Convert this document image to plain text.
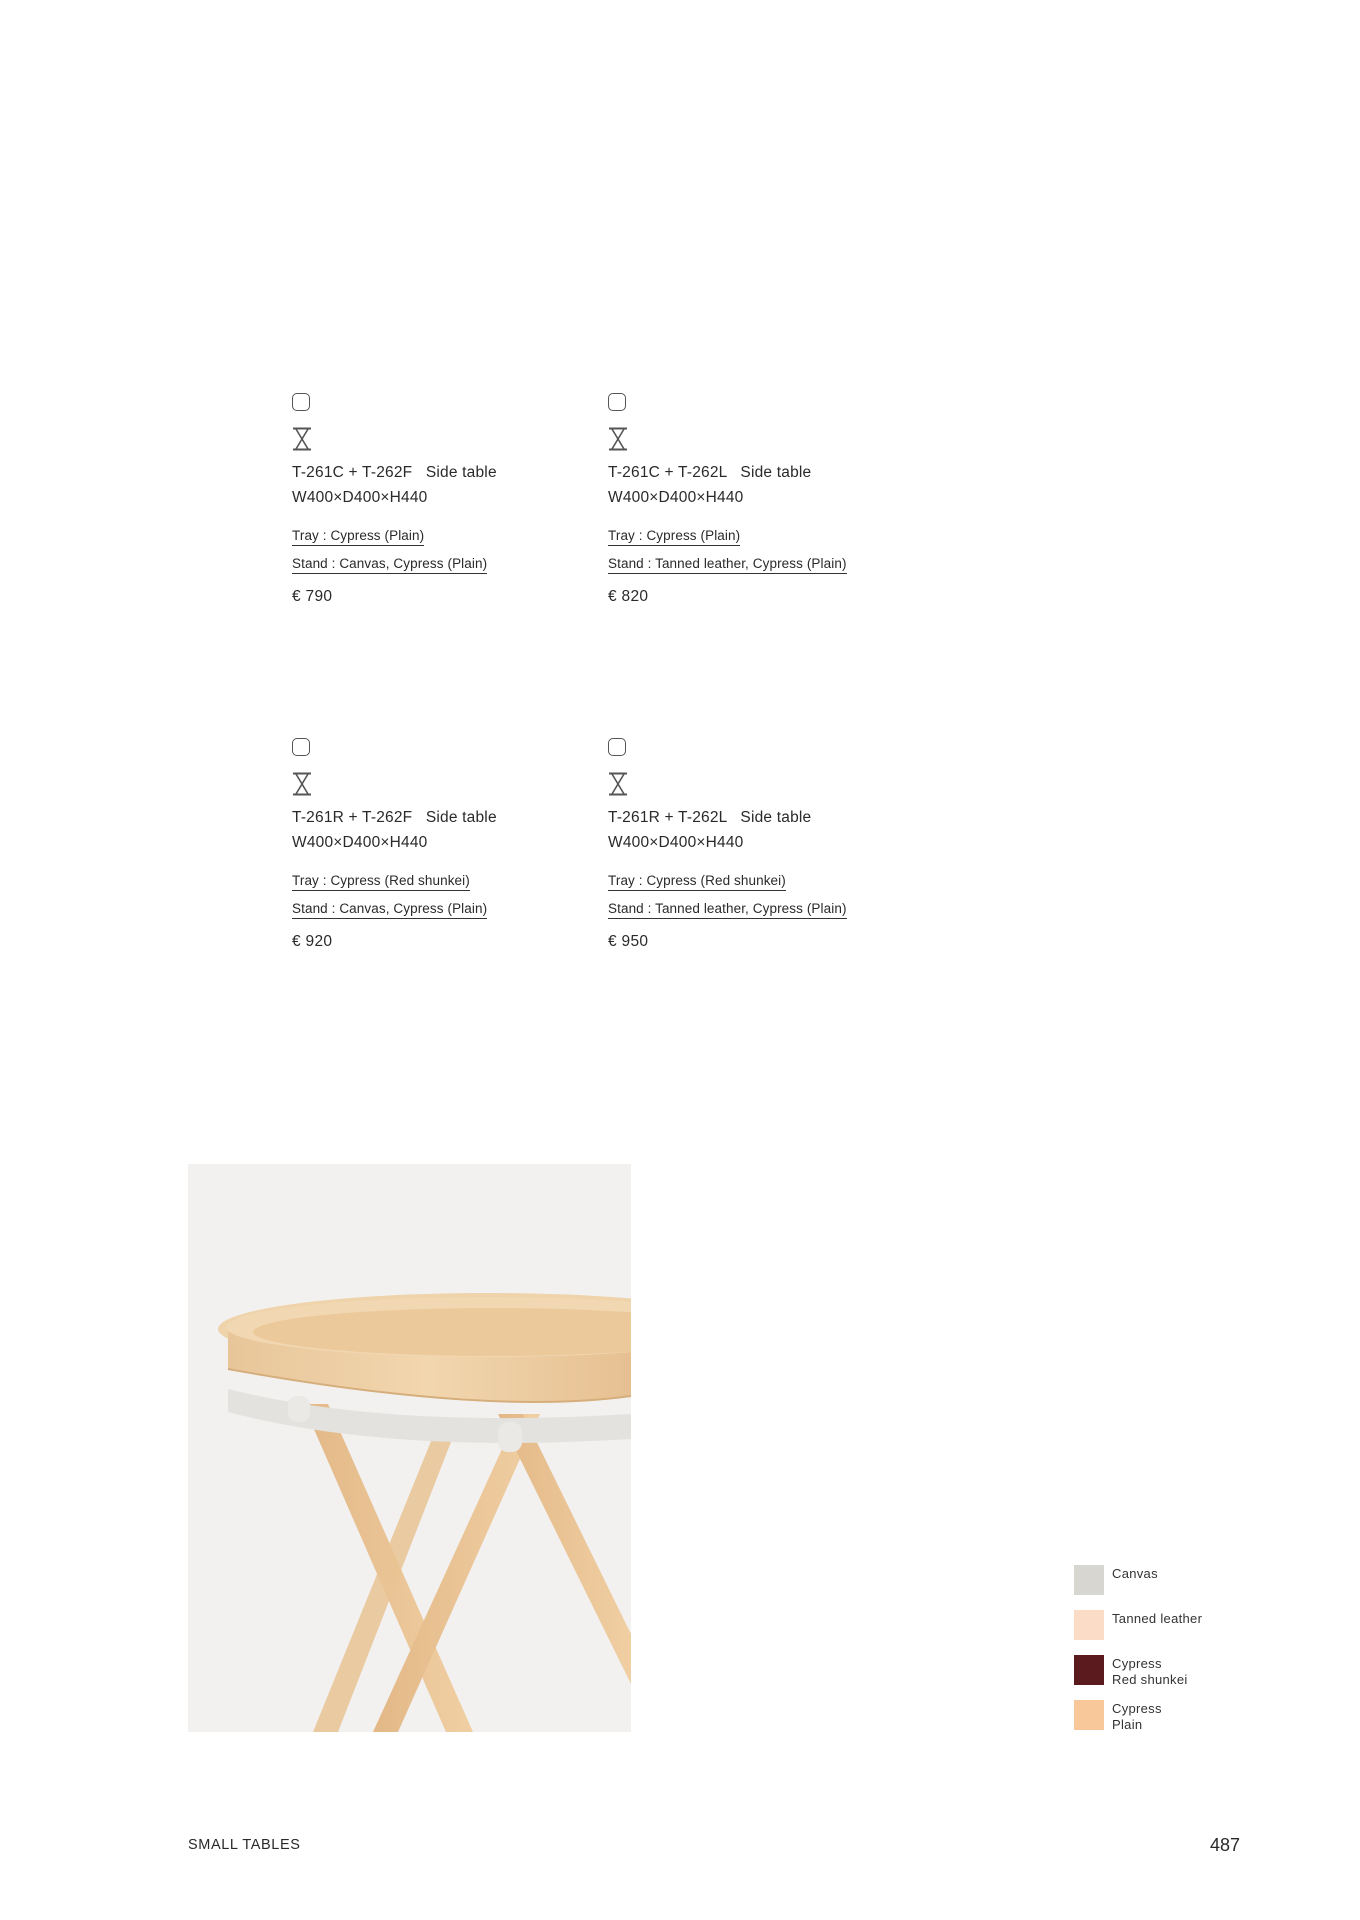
T-261C + T-262F   Side table
W400×D400×H440
Tray : Cypress (Plain)
Stand : Canvas, Cypress (Plain)
€ 790
T-261C + T-262L   Side table
W400×D400×H440
Tray : Cypress (Plain)
Stand : Tanned leather, Cypress (Plain)
€ 820
T-261R + T-262F   Side table
W400×D400×H440
Tray : Cypress (Red shunkei)
Stand : Canvas, Cypress (Plain)
€ 920
T-261R + T-262L   Side table
W400×D400×H440
Tray : Cypress (Red shunkei)
Stand : Tanned leather, Cypress (Plain)
€ 950
Canvas
Tanned leather
Cypress
Red shunkei
Cypress
Plain
SMALL TABLES	487
